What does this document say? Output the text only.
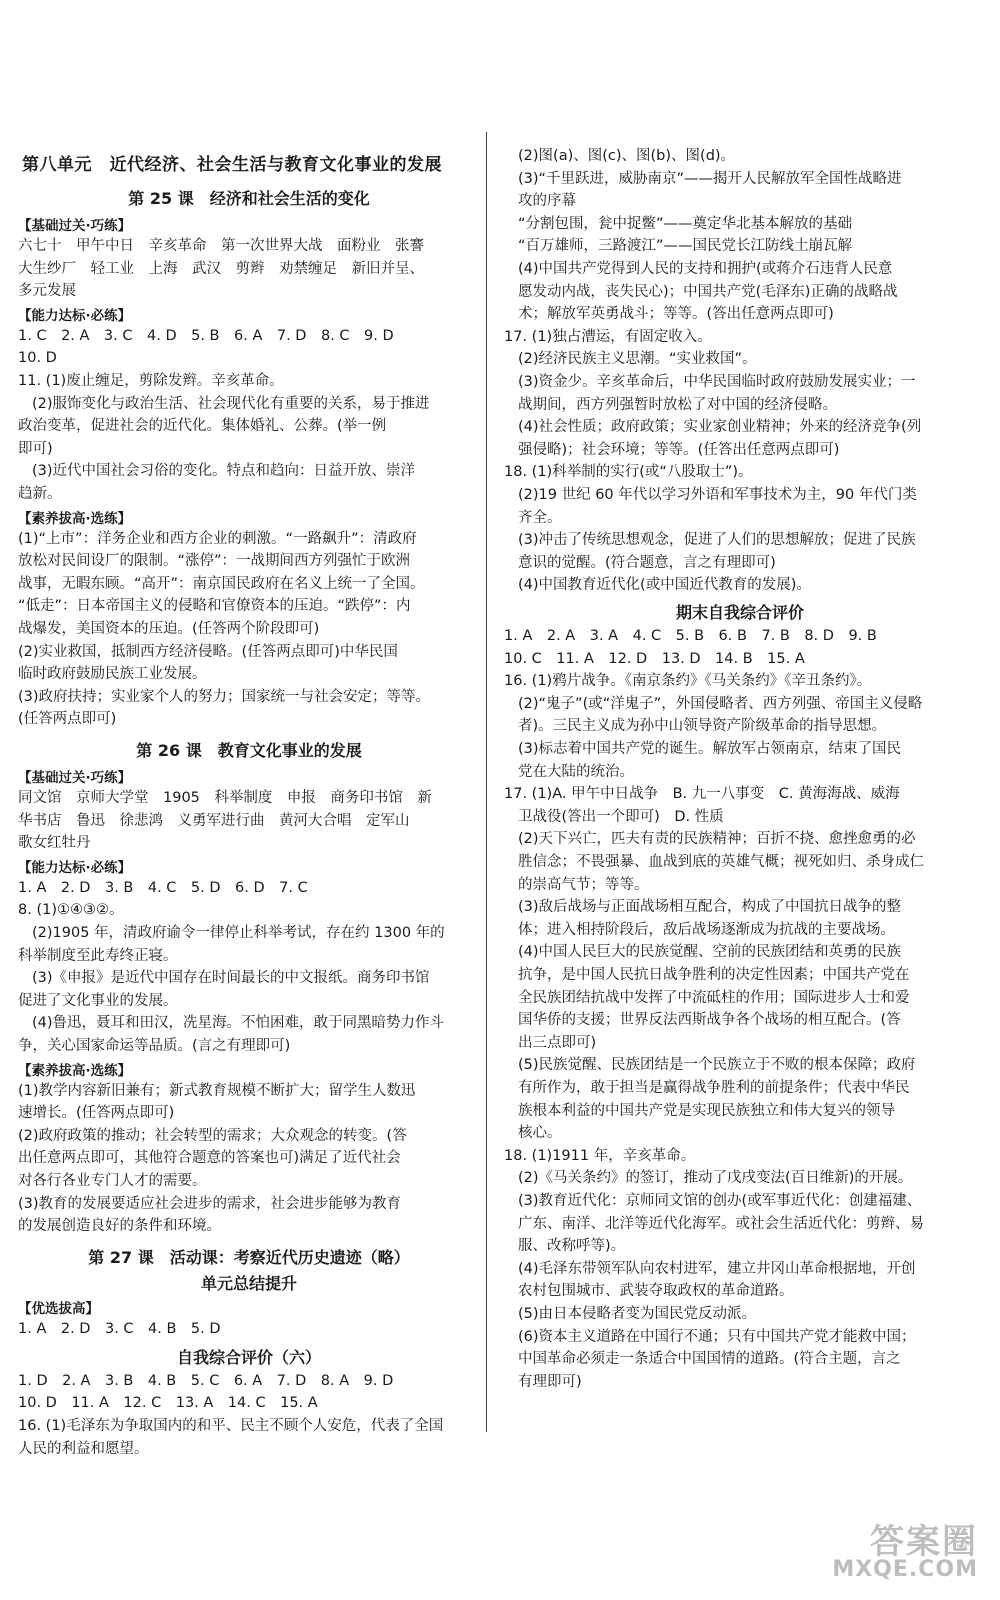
第八单元　近代经济、社会生活与教育文化事业的发展
第 25 课　经济和社会生活的变化
【基础过关·巧练】
六七十　甲午中日　辛亥革命　第一次世界大战　面粉业　张謇
大生纱厂　轻工业　上海　武汉　剪辫　劝禁缠足　新旧并呈、
多元发展
【能力达标·必练】
1. C　2. A　3. C　4. D　5. B　6. A　7. D　8. C　9. D
10. D
11. (1)废止缠足，剪除发辫。辛亥革命。
(2)服饰变化与政治生活、社会现代化有重要的关系，易于推进
政治变革，促进社会的近代化。集体婚礼、公葬。(举一例
即可)
(3)近代中国社会习俗的变化。特点和趋向：日益开放、崇洋
趋新。
【素养拔高·选练】
(1)“上市”：洋务企业和西方企业的刺激。“一路飙升”：清政府
放松对民间设厂的限制。“涨停”：一战期间西方列强忙于欧洲
战事，无暇东顾。“高开”：南京国民政府在名义上统一了全国。
“低走”：日本帝国主义的侵略和官僚资本的压迫。“跌停”：内
战爆发，美国资本的压迫。(任答两个阶段即可)
(2)实业救国，抵制西方经济侵略。(任答两点即可)中华民国
临时政府鼓励民族工业发展。
(3)政府扶持；实业家个人的努力；国家统一与社会安定；等等。
(任答两点即可)
第 26 课　教育文化事业的发展
【基础过关·巧练】
同文馆　京师大学堂　1905　科举制度　申报　商务印书馆　新
华书店　鲁迅　徐悲鸿　义勇军进行曲　黄河大合唱　定军山
歌女红牡丹
【能力达标·必练】
1. A　2. D　3. B　4. C　5. D　6. D　7. C
8. (1)①④③②。
(2)1905 年，清政府谕令一律停止科举考试，存在约 1300 年的
科举制度至此寿终正寝。
(3)《申报》是近代中国存在时间最长的中文报纸。商务印书馆
促进了文化事业的发展。
(4)鲁迅，聂耳和田汉，冼星海。不怕困难，敢于同黑暗势力作斗
争，关心国家命运等品质。(言之有理即可)
【素养拔高·选练】
(1)教学内容新旧兼有；新式教育规模不断扩大；留学生人数迅
速增长。(任答两点即可)
(2)政府政策的推动；社会转型的需求；大众观念的转变。(答
出任意两点即可，其他符合题意的答案也可)满足了近代社会
对各行各业专门人才的需要。
(3)教育的发展要适应社会进步的需求，社会进步能够为教育
的发展创造良好的条件和环境。
第 27 课　活动课：考察近代历史遗迹（略）
单元总结提升
【优选拔高】
1. A　2. D　3. C　4. B　5. D
自我综合评价（六）
1. D　2. A　3. B　4. B　5. C　6. A　7. D　8. A　9. D
10. D　11. A　12. C　13. A　14. C　15. A
16. (1)毛泽东为争取国内的和平、民主不顾个人安危，代表了全国
人民的利益和愿望。
(2)图(a)、图(c)、图(b)、图(d)。
(3)“千里跃进，威胁南京”——揭开人民解放军全国性战略进
攻的序幕
“分割包围，瓮中捉鳖”——奠定华北基本解放的基础
“百万雄师，三路渡江”——国民党长江防线土崩瓦解
(4)中国共产党得到人民的支持和拥护(或蒋介石违背人民意
愿发动内战，丧失民心)；中国共产党(毛泽东)正确的战略战
术；解放军英勇战斗；等等。(答出任意两点即可)
17. (1)独占漕运，有固定收入。
(2)经济民族主义思潮。“实业救国”。
(3)资金少。辛亥革命后，中华民国临时政府鼓励发展实业；一
战期间，西方列强暂时放松了对中国的经济侵略。
(4)社会性质；政府政策；实业家创业精神；外来的经济竞争(列
强侵略)；社会环境；等等。(任答出任意两点即可)
18. (1)科举制的实行(或“八股取士”)。
(2)19 世纪 60 年代以学习外语和军事技术为主，90 年代门类
齐全。
(3)冲击了传统思想观念，促进了人们的思想解放；促进了民族
意识的觉醒。(符合题意，言之有理即可)
(4)中国教育近代化(或中国近代教育的发展)。
期末自我综合评价
1. A　2. A　3. A　4. C　5. B　6. B　7. B　8. D　9. B
10. C　11. A　12. D　13. D　14. B　15. A
16. (1)鸦片战争。《南京条约》《马关条约》《辛丑条约》。
(2)“鬼子”(或“洋鬼子”，外国侵略者、西方列强、帝国主义侵略
者)。三民主义成为孙中山领导资产阶级革命的指导思想。
(3)标志着中国共产党的诞生。解放军占领南京，结束了国民
党在大陆的统治。
17. (1)A. 甲午中日战争　B. 九一八事变　C. 黄海海战、威海
卫战役(答出一个即可)　D. 性质
(2)天下兴亡，匹夫有责的民族精神；百折不挠、愈挫愈勇的必
胜信念；不畏强暴、血战到底的英雄气概；视死如归、杀身成仁
的崇高气节；等等。
(3)敌后战场与正面战场相互配合，构成了中国抗日战争的整
体；进入相持阶段后，敌后战场逐渐成为抗战的主要战场。
(4)中国人民巨大的民族觉醒、空前的民族团结和英勇的民族
抗争，是中国人民抗日战争胜利的决定性因素；中国共产党在
全民族团结抗战中发挥了中流砥柱的作用；国际进步人士和爱
国华侨的支援；世界反法西斯战争各个战场的相互配合。(答
出三点即可)
(5)民族觉醒、民族团结是一个民族立于不败的根本保障；政府
有所作为，敢于担当是赢得战争胜利的前提条件；代表中华民
族根本利益的中国共产党是实现民族独立和伟大复兴的领导
核心。
18. (1)1911 年，辛亥革命。
(2)《马关条约》的签订，推动了戊戌变法(百日维新)的开展。
(3)教育近代化：京师同文馆的创办(或军事近代化：创建福建、
广东、南洋、北洋等近代化海军。或社会生活近代化：剪辫、易
服、改称呼等)。
(4)毛泽东带领军队向农村进军，建立井冈山革命根据地，开创
农村包围城市、武装夺取政权的革命道路。
(5)由日本侵略者变为国民党反动派。
(6)资本主义道路在中国行不通；只有中国共产党才能救中国；
中国革命必须走一条适合中国国情的道路。(符合主题，言之
有理即可)
答案圈
MXQE.COM
